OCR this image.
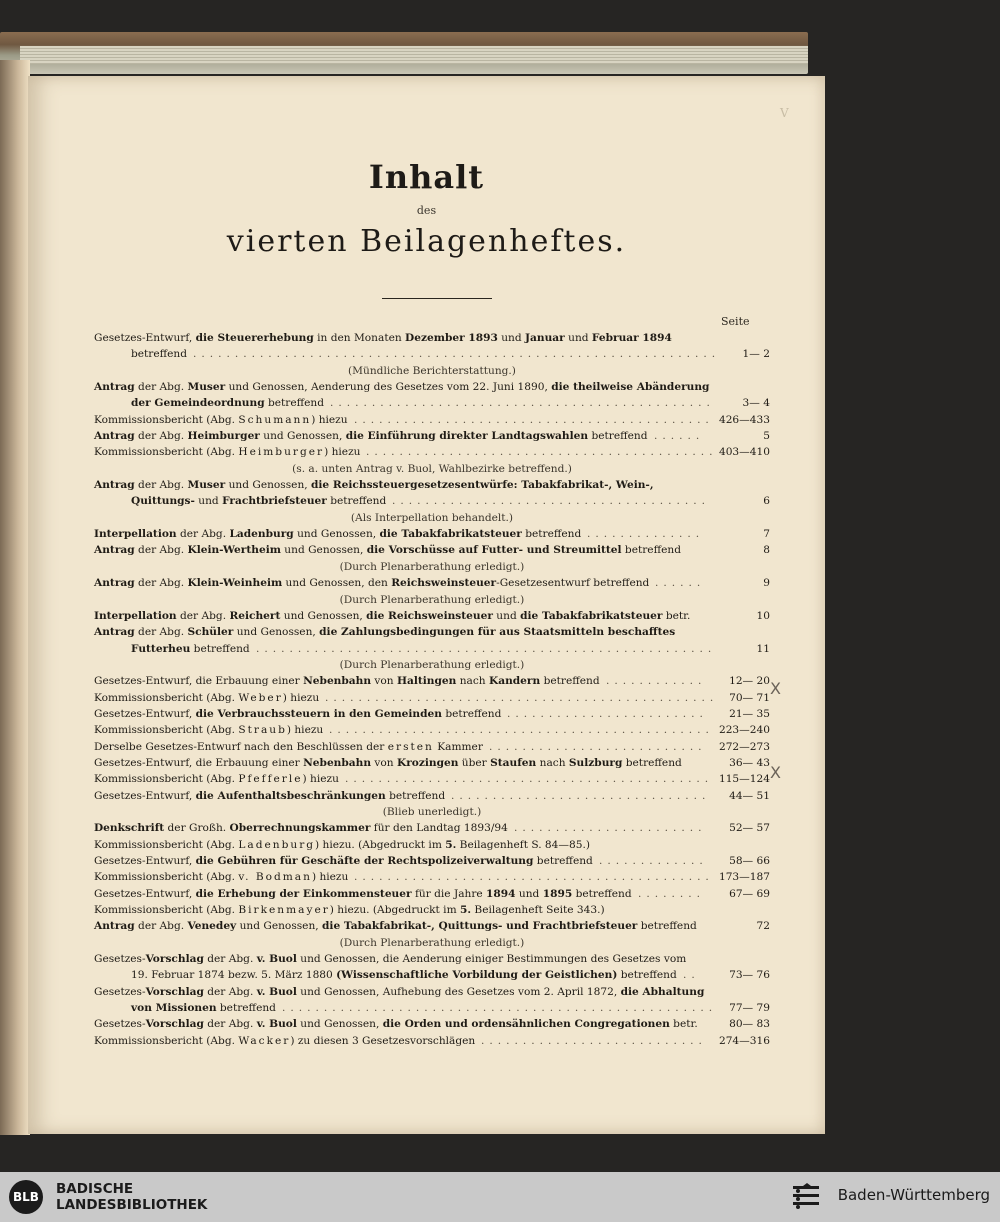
V
Inhalt
des
vierten Beilagenheftes.
Seite
Gesetzes-Entwurf, die Steuererhebung in den Monaten Dezember 1893 und Januar und Februar 1894
betreffend	1— 2
...............................................................
(Mündliche Berichterstattung.)
Antrag der Abg. Muser und Genossen, Aenderung des Gesetzes vom 22. Juni 1890, die theilweise Abänderung
der Gemeindeordnung betreffend	3— 4
..............................................
Kommissionsbericht (Abg. Schumann) hiezu	426—433
...........................................
Antrag der Abg. Heimburger und Genossen, die Einführung direkter Landtagswahlen betreffend	5
......
Kommissionsbericht (Abg. Heimburger) hiezu	403—410
..........................................
(s. a. unten Antrag v. Buol, Wahlbezirke betreffend.)
Antrag der Abg. Muser und Genossen, die Reichssteuergesetzesentwürfe: Tabakfabrikat-, Wein-,
Quittungs- und Frachtbriefsteuer betreffend	6
......................................
(Als Interpellation behandelt.)
Interpellation der Abg. Ladenburg und Genossen, die Tabakfabrikatsteuer betreffend	7
..............
Antrag der Abg. Klein-Wertheim und Genossen, die Vorschüsse auf Futter- und Streumittel betreffend	8
(Durch Plenarberathung erledigt.)
Antrag der Abg. Klein-Weinheim und Genossen, den Reichsweinsteuer-Gesetzesentwurf betreffend	9
......
(Durch Plenarberathung erledigt.)
Interpellation der Abg. Reichert und Genossen, die Reichsweinsteuer und die Tabakfabrikatsteuer betr.	10
Antrag der Abg. Schüler und Genossen, die Zahlungsbedingungen für aus Staatsmitteln beschafftes
Futterheu betreffend	11
.......................................................
(Durch Plenarberathung erledigt.)
Gesetzes-Entwurf, die Erbauung einer Nebenbahn von Haltingen nach Kandern betreffend	12— 20
............
Kommissionsbericht (Abg. Weber) hiezu	70— 71
...............................................
Gesetzes-Entwurf, die Verbrauchssteuern in den Gemeinden betreffend	21— 35
........................
Kommissionsbericht (Abg. Straub) hiezu	223—240
..............................................
Derselbe Gesetzes-Entwurf nach den Beschlüssen der ersten Kammer	272—273
..........................
Gesetzes-Entwurf, die Erbauung einer Nebenbahn von Krozingen über Staufen nach Sulzburg betreffend	36— 43
Kommissionsbericht (Abg. Pfefferle) hiezu	115—124
............................................
Gesetzes-Entwurf, die Aufenthaltsbeschränkungen betreffend	44— 51
...............................
(Blieb unerledigt.)
Denkschrift der Großh. Oberrechnungskammer für den Landtag 1893/94	52— 57
.......................
Kommissionsbericht (Abg. Ladenburg) hiezu. (Abgedruckt im 5. Beilagenheft S. 84—85.)
Gesetzes-Entwurf, die Gebühren für Geschäfte der Rechtspolizeiverwaltung betreffend	58— 66
.............
Kommissionsbericht (Abg. v. Bodman) hiezu	173—187
...........................................
Gesetzes-Entwurf, die Erhebung der Einkommensteuer für die Jahre 1894 und 1895 betreffend	67— 69
........
Kommissionsbericht (Abg. Birkenmayer) hiezu. (Abgedruckt im 5. Beilagenheft Seite 343.)
Antrag der Abg. Venedey und Genossen, die Tabakfabrikat-, Quittungs- und Frachtbriefsteuer betreffend	72
(Durch Plenarberathung erledigt.)
Gesetzes-Vorschlag der Abg. v. Buol und Genossen, die Aenderung einiger Bestimmungen des Gesetzes vom
19. Februar 1874 bezw. 5. März 1880 (Wissenschaftliche Vorbildung der Geistlichen) betreffend	73— 76
..
Gesetzes-Vorschlag der Abg. v. Buol und Genossen, Aufhebung des Gesetzes vom 2. April 1872, die Abhaltung
von Missionen betreffend	77— 79
....................................................
Gesetzes-Vorschlag der Abg. v. Buol und Genossen, die Orden und ordensähnlichen Congregationen betr.	80— 83
Kommissionsbericht (Abg. Wacker) zu diesen 3 Gesetzesvorschlägen	274—316
...........................
X
X
BLB BADISCHE
LANDESBIBLIOTHEK
Baden-Württemberg
